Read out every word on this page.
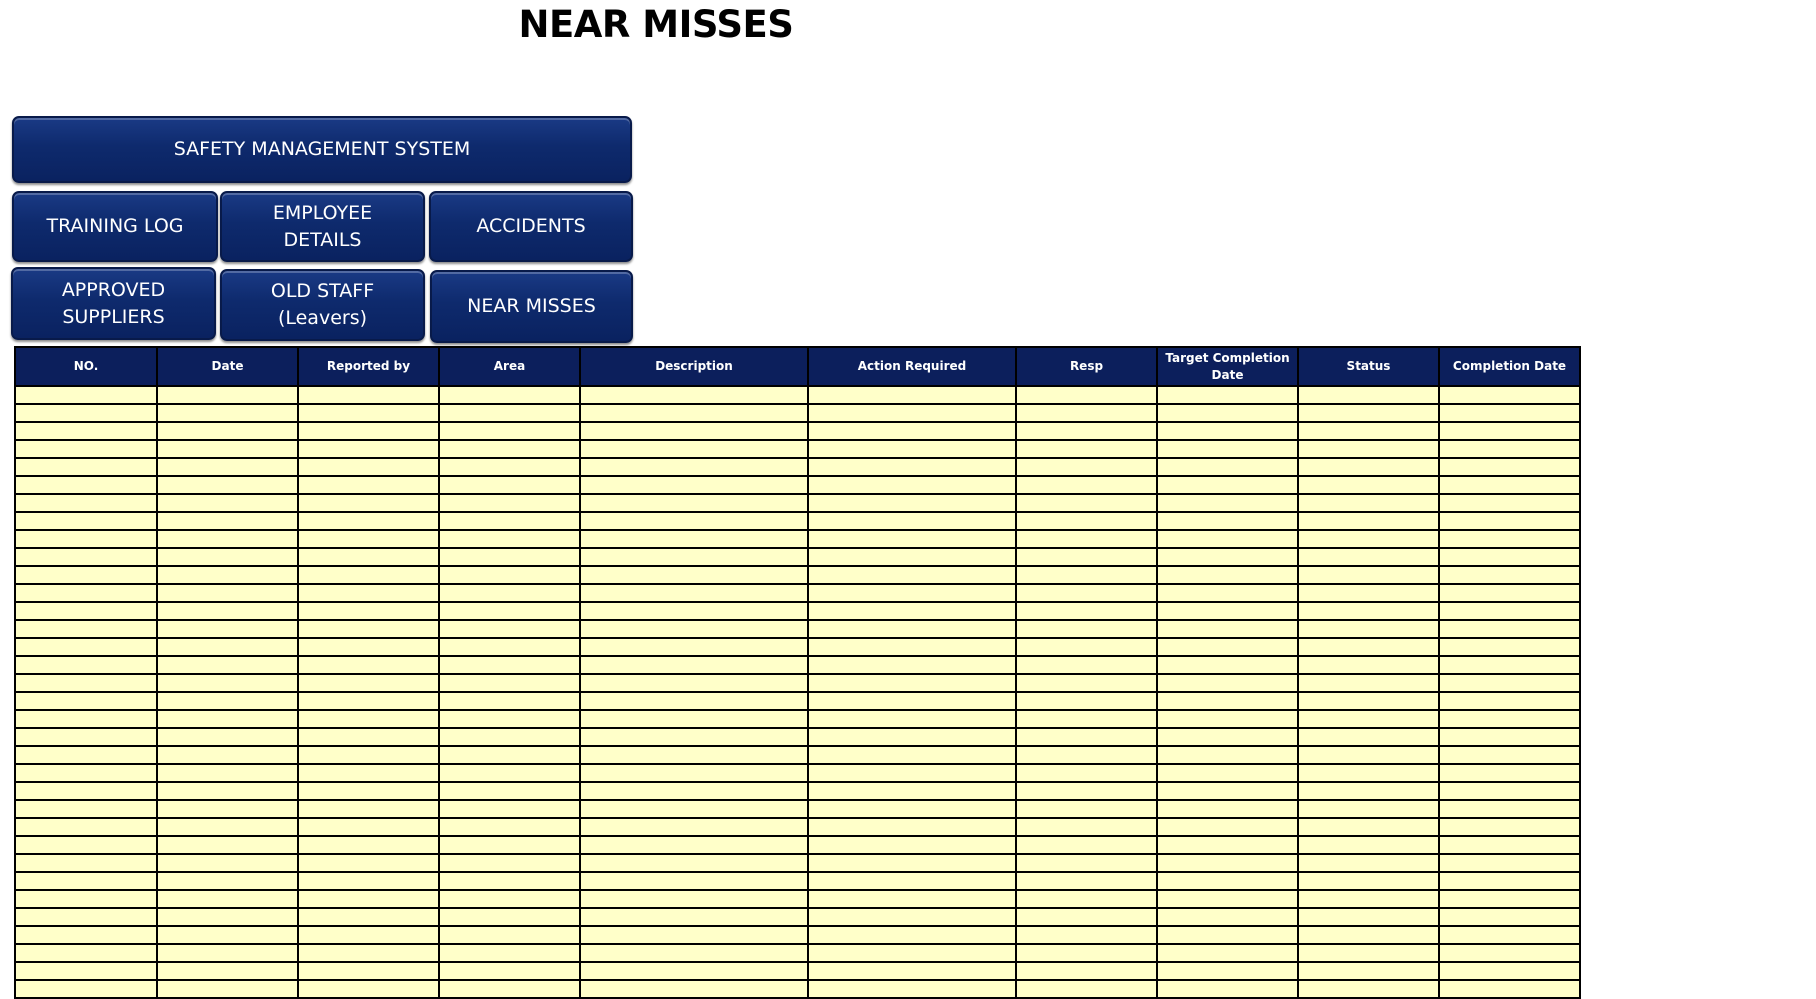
NEAR MISSES
SAFETY MANAGEMENT SYSTEM
TRAINING LOG
EMPLOYEE
DETAILS
ACCIDENTS
APPROVED
SUPPLIERS
OLD STAFF
(Leavers)
NEAR MISSES
NO.	Date	Reported by	Area	Description	Action Required	Resp	Target Completion Date	Status	Completion Date
